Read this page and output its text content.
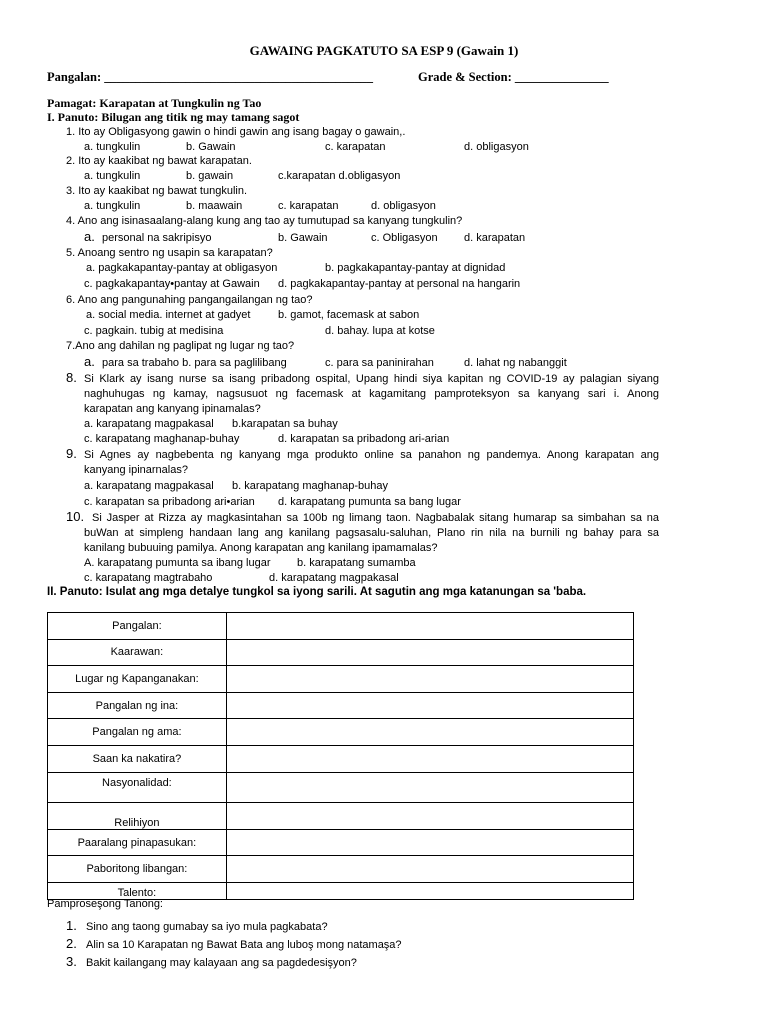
GAWAING PAGKATUTO SA ESP 9 (Gawain 1)
Pangalan: ___________________________________________	Grade & Section: _______________
Pamagat: Karapatan at Tungkulin ng Tao
I. Panuto: Bilugan ang titik ng may tamang sagot
1. Ito ay Obligasyong gawin o hindi gawin ang isang bagay o gawain,.
a. tungkulin	b. Gawain	c. karapatan	d. obligasyon
2. Ito ay kaakibat ng bawat karapatan.
a. tungkulin	b. gawain	c.karapatan d.obligasyon
3. Ito ay kaakibat ng bawat tungkulin.
a. tungkulin	b. maawain	c. karapatan	d. obligasyon
4. Ano ang isinasaalang-alang kung ang tao ay tumutupad sa kanyang tungkulin?
a. personal na sakripisyo	b. Gawain	c. Obligasyon d. karapatan
5. Anoang sentro ng usapin sa karapatan?
a. pagkakapantay-pantay at obligasyon	b. pagkakapantay-pantay at dignidad
c. pagkakapantay•pantay at Gawain d. pagkakapantay-pantay at personal na hangarin
6. Ano ang pangunahing pangangailangan ng tao?
a. social media. internet at gadyet	b. gamot, facemask at sabon
c. pagkain. tubig at medisina	d. bahay. lupa at kotse
7.Ano ang dahilan ng paglipat ng lugar ng tao?
a. para sa trabaho b. para sa paglilibang	c. para sa paninirahan	d. lahat ng nabanggit
8. Si Klark ay isang nurse sa isang pribadong ospital, Upang hindi siya kapitan ng COVID-19 ay palagian siyang
naghuhugas ng kamay, nagsusuot ng facemask at kagamitang pamproteksyon sa kanyang sari i. Anong
karapatan ang kanyang ipinamalas?
a. karapatang magpakasal b.karapatan sa buhay
c. karapatang maghanap-buhay	d. karapatan sa pribadong ari-arian
9. Si Agnes ay nagbebenta ng kanyang mga produkto online sa panahon ng pandemya. Anong karapatan ang
kanyang ipinarnalas?
a. karapatang magpakasal b. karapatang maghanap-buhay
c. karapatan sa pribadong ari•arian d. karapatang pumunta sa bang lugar
10. Si Jasper at Rizza ay magkasintahan sa 100b ng limang taon. Nagbabalak sitang humarap sa simbahan sa na
buWan at simpleng handaan lang ang kanilang pagsasalu-saluhan, Plano rin nila na burnili ng bahay para sa
kanilang bubuuing pamilya. Anong karapatan ang kanilang ipamamalas?
A. karapatang pumunta sa ibang lugar b. karapatang sumamba
c. karapatang magtrabaho	d. karapatang magpakasal
II. Panuto: Isulat ang mga detalye tungkol sa iyong sarili. At sagutin ang mga katanungan sa 'baba.
Pangalan:	
Kaarawan:	
Lugar ng Kapanganakan:	
Pangalan ng ina:	
Pangalan ng ama:	
Saan ka nakatira?	
Nasyonalidad:	
Relihiyon	
Paaralang pinapasukan:	
Paboritong libangan:	
Talento:	
Pamproseşong Tanong:
1. Sino ang taong gumabay sa iyo mula pagkabata?
2. Alin sa 10 Karapatan ng Bawat Bata ang luboş mong natamaşa?
3. Bakit kailangang may kalayaan ang sa pagdedesişyon?
